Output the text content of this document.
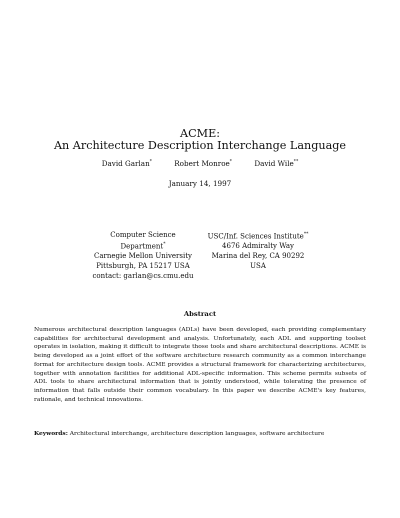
ACME:
An Architecture Description Interchange Language
David Garlan*	Robert Monroe*	David Wile**
January 14, 1997
Computer Science Department*
Carnegie Mellon University
Pittsburgh, PA 15217 USA
contact: garlan@cs.cmu.edu
USC/Inf. Sciences Institute**
4676 Admiralty Way
Marina del Rey, CA 90292 USA
Abstract
Numerous architectural description languages (ADLs) have been developed, each providing complementary capabilities for architectural development and analysis. Unfortunately, each ADL and supporting toolset operates in isolation, making it difficult to integrate those tools and share architectural descriptions. ACME is being developed as a joint effort of the software architecture research community as a common interchange format for architecture design tools. ACME provides a structural framework for characterizing architectures, together with annotation facilities for additional ADL-specific information. This scheme permits subsets of ADL tools to share architectural information that is jointly understood, while tolerating the presence of information that falls outside their common vocabulary. In this paper we describe ACME's key features, rationale, and technical innovations.
Keywords: Architectural interchange, architecture description languages, software architecture
